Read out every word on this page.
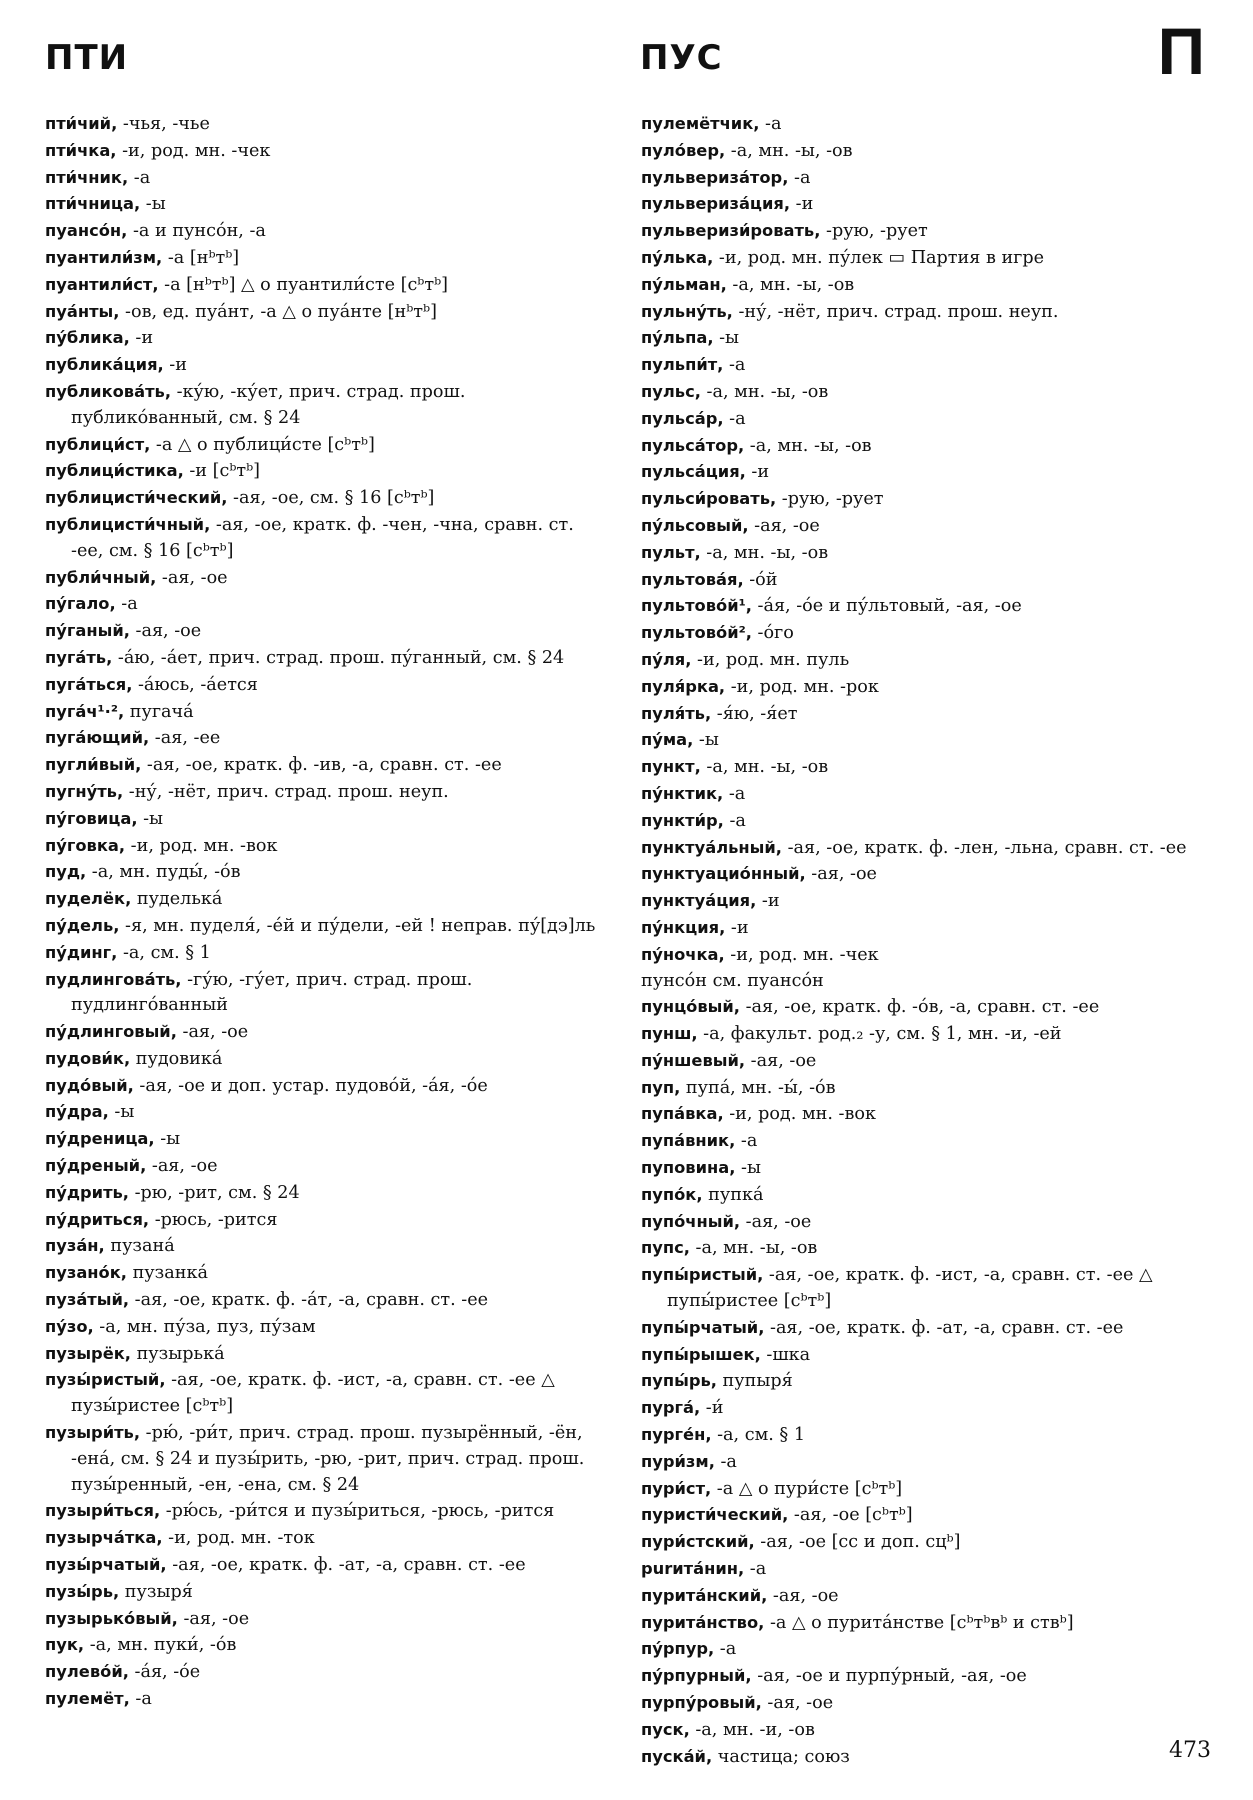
ПТИ	ПУС	П
пти́чий, -чья, -чье
пти́чка, -и, род. мн. -чек
пти́чник, -а
пти́чница, -ы
пуансо́н, -а и пунсо́н, -а
пуантили́зм, -а [нᵇтᵇ]
пуантили́ст, -а [нᵇтᵇ] △ о пуантили́сте [сᵇтᵇ]
пуа́нты, -ов, ед. пуа́нт, -а △ о пуа́нте [нᵇтᵇ]
пу́блика, -и
публика́ция, -и
публикова́ть, -ку́ю, -ку́ет, прич. страд. прош. публико́ванный, см. § 24
публици́ст, -а △ о публици́сте [сᵇтᵇ]
публици́стика, -и [сᵇтᵇ]
публицисти́ческий, -ая, -ое, см. § 16 [сᵇтᵇ]
публицисти́чный, -ая, -ое, кратк. ф. -чен, -чна, сравн. ст. -ее, см. § 16 [сᵇтᵇ]
публи́чный, -ая, -ое
пу́гало, -а
пу́ганый, -ая, -ое
пуга́ть, -а́ю, -а́ет, прич. страд. прош. пу́ганный, см. § 24
пуга́ться, -а́юсь, -а́ется
пуга́ч¹·², пугача́
пуга́ющий, -ая, -ее
пугли́вый, -ая, -ое, кратк. ф. -ив, -а, сравн. ст. -ее
пугну́ть, -ну́, -нёт, прич. страд. прош. неуп.
пу́говица, -ы
пу́говка, -и, род. мн. -вок
пуд, -а, мн. пуды́, -о́в
пуделёк, пуделька́
пу́дель, -я, мн. пуделя́, -е́й и пу́дели, -ей ! неправ. пу́[дэ]ль
пу́динг, -а, см. § 1
пудлингова́ть, -гу́ю, -гу́ет, прич. страд. прош. пудлинго́ванный
пу́длинговый, -ая, -ое
пудови́к, пудовика́
пудо́вый, -ая, -ое и доп. устар. пудово́й, -а́я, -о́е
пу́дра, -ы
пу́дреница, -ы
пу́дреный, -ая, -ое
пу́дрить, -рю, -рит, см. § 24
пу́дриться, -рюсь, -рится
пуза́н, пузана́
пузано́к, пузанка́
пуза́тый, -ая, -ое, кратк. ф. -а́т, -а, сравн. ст. -ее
пу́зо, -а, мн. пу́за, пуз, пу́зам
пузырёк, пузырька́
пузы́ристый, -ая, -ое, кратк. ф. -ист, -а, сравн. ст. -ее △ пузы́ристее [сᵇтᵇ]
пузыри́ть, -рю́, -ри́т, прич. страд. прош. пузырённый, -ён, -ена́, см. § 24 и пузы́рить, -рю, -рит, прич. страд. прош. пузы́ренный, -ен, -ена, см. § 24
пузыри́ться, -рю́сь, -ри́тся и пузы́риться, -рюсь, -рится
пузырча́тка, -и, род. мн. -ток
пузы́рчатый, -ая, -ое, кратк. ф. -ат, -а, сравн. ст. -ее
пузы́рь, пузыря́
пузырько́вый, -ая, -ое
пук, -а, мн. пуки́, -о́в
пулево́й, -а́я, -о́е
пулемёт, -а
пулемётчик, -а
пуло́вер, -а, мн. -ы, -ов
пульвериза́тор, -а
пульвериза́ция, -и
пульверизи́ровать, -рую, -рует
пу́лька, -и, род. мн. пу́лек ▭ Партия в игре
пу́льман, -а, мн. -ы, -ов
пульну́ть, -ну́, -нёт, прич. страд. прош. неуп.
пу́льпа, -ы
пульпи́т, -а
пульс, -а, мн. -ы, -ов
пульса́р, -а
пульса́тор, -а, мн. -ы, -ов
пульса́ция, -и
пульси́ровать, -рую, -рует
пу́льсовый, -ая, -ое
пульт, -а, мн. -ы, -ов
пультова́я, -о́й
пультово́й¹, -а́я, -о́е и пу́льтовый, -ая, -ое
пультово́й², -о́го
пу́ля, -и, род. мн. пуль
пуля́рка, -и, род. мн. -рок
пуля́ть, -я́ю, -я́ет
пу́ма, -ы
пункт, -а, мн. -ы, -ов
пу́нктик, -а
пункти́р, -а
пунктуа́льный, -ая, -ое, кратк. ф. -лен, -льна, сравн. ст. -ее
пунктуацио́нный, -ая, -ое
пунктуа́ция, -и
пу́нкция, -и
пу́ночка, -и, род. мн. -чек
пунсо́н см. пуансо́н
пунцо́вый, -ая, -ое, кратк. ф. -о́в, -а, сравн. ст. -ее
пунш, -а, факульт. род.₂ -у, см. § 1, мн. -и, -ей
пу́ншевый, -ая, -ое
пуп, пупа́, мн. -ы́, -о́в
пупа́вка, -и, род. мн. -вок
пупа́вник, -а
пуповина, -ы
пупо́к, пупка́
пупо́чный, -ая, -ое
пупс, -а, мн. -ы, -ов
пупы́ристый, -ая, -ое, кратк. ф. -ист, -а, сравн. ст. -ее △ пупы́ристее [сᵇтᵇ]
пупы́рчатый, -ая, -ое, кратк. ф. -ат, -а, сравн. ст. -ее
пупы́рышек, -шка
пупы́рь, пупыря́
пурга́, -и́
пурге́н, -а, см. § 1
пури́зм, -а
пури́ст, -а △ о пури́сте [сᵇтᵇ]
пуристи́ческий, -ая, -ое [сᵇтᵇ]
пури́стский, -ая, -ое [сс и доп. сцᵇ]
purита́нин, -а
пурита́нский, -ая, -ое
пурита́нство, -а △ о пурита́нстве [сᵇтᵇвᵇ и ствᵇ]
пу́рпур, -а
пу́рпурный, -ая, -ое и пурпу́рный, -ая, -ое
пурпу́ровый, -ая, -ое
пуск, -а, мн. -и, -ов
пуска́й, частица; союз	473
